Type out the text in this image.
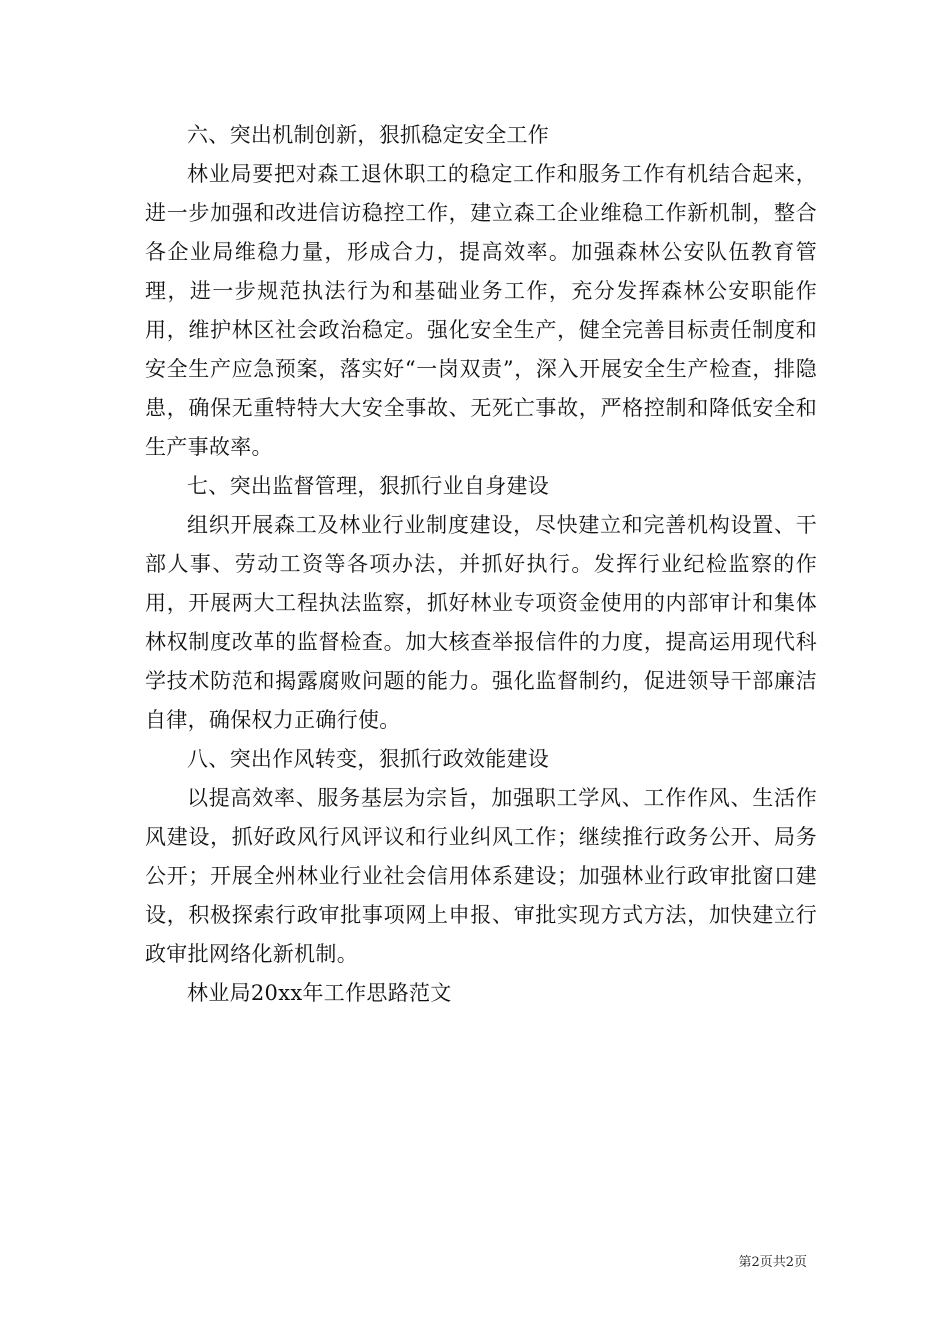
六、突出机制创新，狠抓稳定安全工作

林业局要把对森工退休职工的稳定工作和服务工作有机结合起来，进一步加强和改进信访稳控工作，建立森工企业维稳工作新机制，整合各企业局维稳力量，形成合力，提高效率。加强森林公安队伍教育管理，进一步规范执法行为和基础业务工作，充分发挥森林公安职能作用，维护林区社会政治稳定。强化安全生产，健全完善目标责任制度和安全生产应急预案，落实好“一岗双责”，深入开展安全生产检查，排隐患，确保无重特特大大安全事故、无死亡事故，严格控制和降低安全和生产事故率。

七、突出监督管理，狠抓行业自身建设

组织开展森工及林业行业制度建设，尽快建立和完善机构设置、干部人事、劳动工资等各项办法，并抓好执行。发挥行业纪检监察的作用，开展两大工程执法监察，抓好林业专项资金使用的内部审计和集体林权制度改革的监督检查。加大核查举报信件的力度，提高运用现代科学技术防范和揭露腐败问题的能力。强化监督制约，促进领导干部廉洁自律，确保权力正确行使。

八、突出作风转变，狠抓行政效能建设

以提高效率、服务基层为宗旨，加强职工学风、工作作风、生活作风建设，抓好政风行风评议和行业纠风工作；继续推行政务公开、局务公开；开展全州林业行业社会信用体系建设；加强林业行政审批窗口建设，积极探索行政审批事项网上申报、审批实现方式方法，加快建立行政审批网络化新机制。

林业局20xx年工作思路范文

第2页共2页
